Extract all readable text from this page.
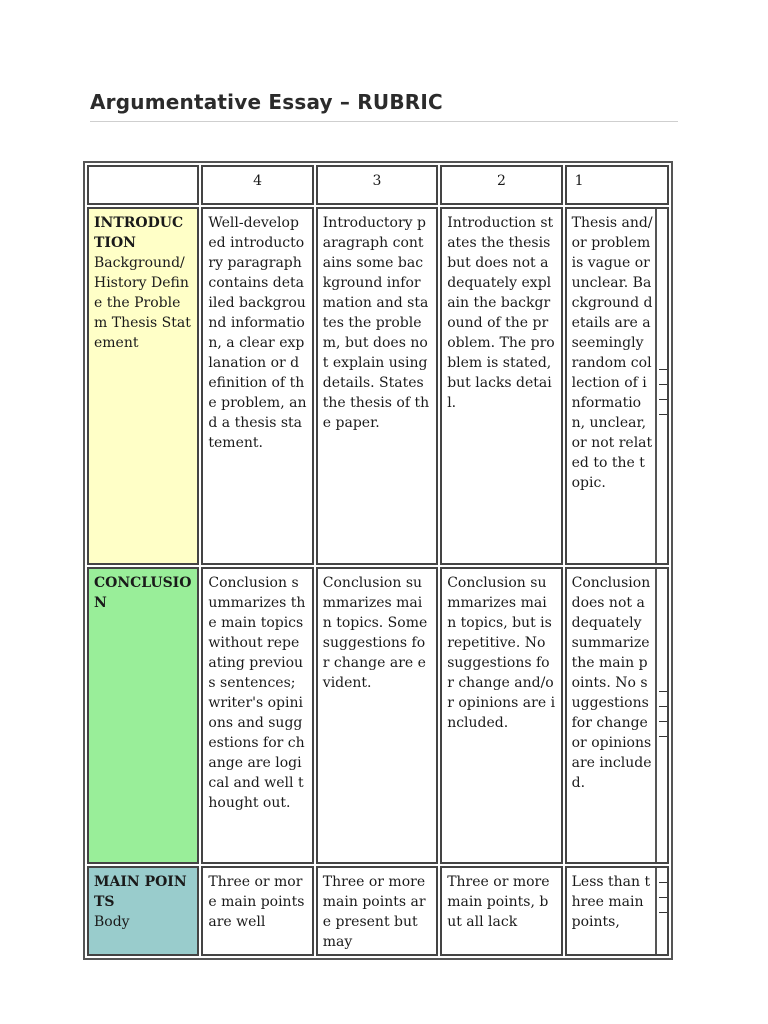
Argumentative Essay – RUBRIC
	4	3	2	1

INTRODUCTION
Background/History Define the Problem Thesis Statement	Well-developed introductory paragraph contains detailed background information, a clear explanation or definition of the problem, and a thesis statement.	Introductory paragraph contains some background information and states the problem, but does not explain using details. States the thesis of the paper.	Introduction states the thesis but does not adequately explain the background of the problem. The problem is stated, but lacks detail.	Thesis and/or problem is vague or unclear. Background details are a seemingly random collection of information, unclear, or not related to the topic.

CONCLUSION	Conclusion summarizes the main topics without repeating previous sentences; writer's opinions and suggestions for change are logical and well thought out.	Conclusion summarizes main topics. Some suggestions for change are evident.	Conclusion summarizes main topics, but is repetitive. No suggestions for change and/or opinions are included.	Conclusion does not adequately summarize the main points. No suggestions for change or opinions are included.

MAIN POINTS
Body	Three or more main points are well	Three or more main points are present but may	Three or more main points, but all lack	Less than three main points,
